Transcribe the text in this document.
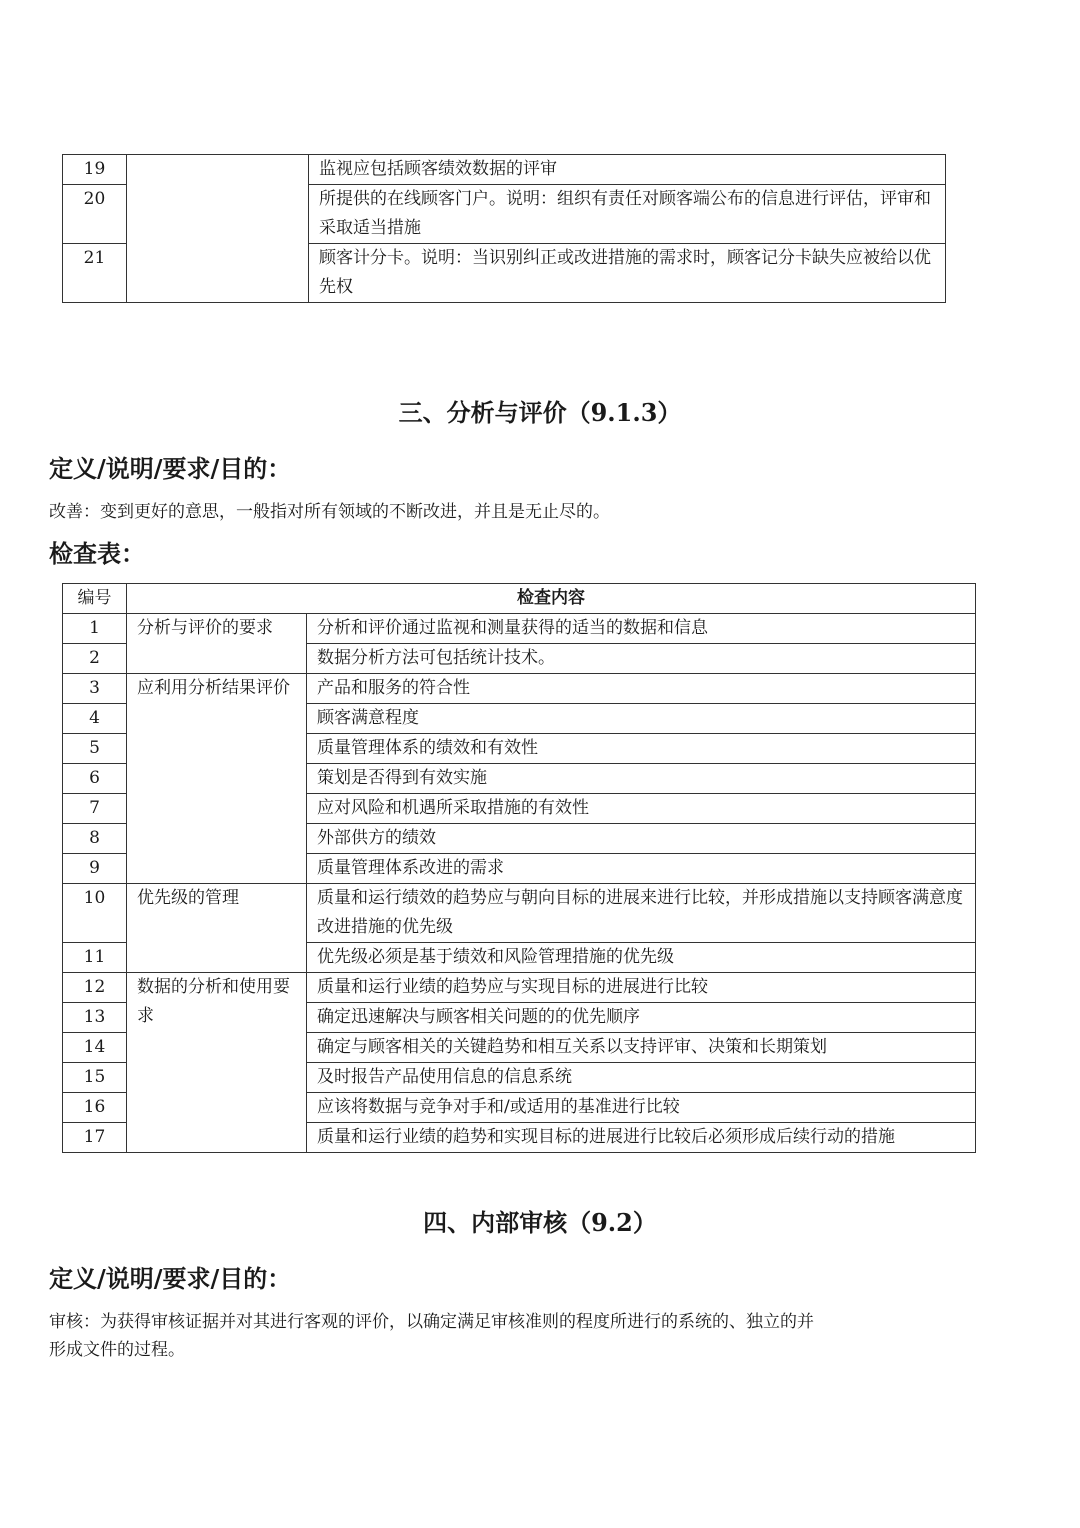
19		监视应包括顾客绩效数据的评审
20		所提供的在线顾客门户。说明：组织有责任对顾客端公布的信息进行评估，评审和采取适当措施
21		顾客计分卡。说明：当识别纠正或改进措施的需求时，顾客记分卡缺失应被给以优先权
三、分析与评价（9.1.3）
定义/说明/要求/目的：

改善：变到更好的意思，一般指对所有领域的不断改进，并且是无止尽的。

检查表：
编号	检查内容	
1	分析与评价的要求	分析和评价通过监视和测量获得的适当的数据和信息
2		数据分析方法可包括统计技术。
3	应利用分析结果评价	产品和服务的符合性
4		顾客满意程度
5		质量管理体系的绩效和有效性
6		策划是否得到有效实施
7		应对风险和机遇所采取措施的有效性
8		外部供方的绩效
9		质量管理体系改进的需求
10	优先级的管理	质量和运行绩效的趋势应与朝向目标的进展来进行比较，并形成措施以支持顾客满意度改进措施的优先级
11		优先级必须是基于绩效和风险管理措施的优先级
12	数据的分析和使用要求	质量和运行业绩的趋势应与实现目标的进展进行比较
13		确定迅速解决与顾客相关问题的的优先顺序
14		确定与顾客相关的关键趋势和相互关系以支持评审、决策和长期策划
15		及时报告产品使用信息的信息系统
16		应该将数据与竞争对手和/或适用的基准进行比较
17		质量和运行业绩的趋势和实现目标的进展进行比较后必须形成后续行动的措施
四、内部审核（9.2）
定义/说明/要求/目的：

审核：为获得审核证据并对其进行客观的评价，以确定满足审核准则的程度所进行的系统的、独立的并

形成文件的过程。
